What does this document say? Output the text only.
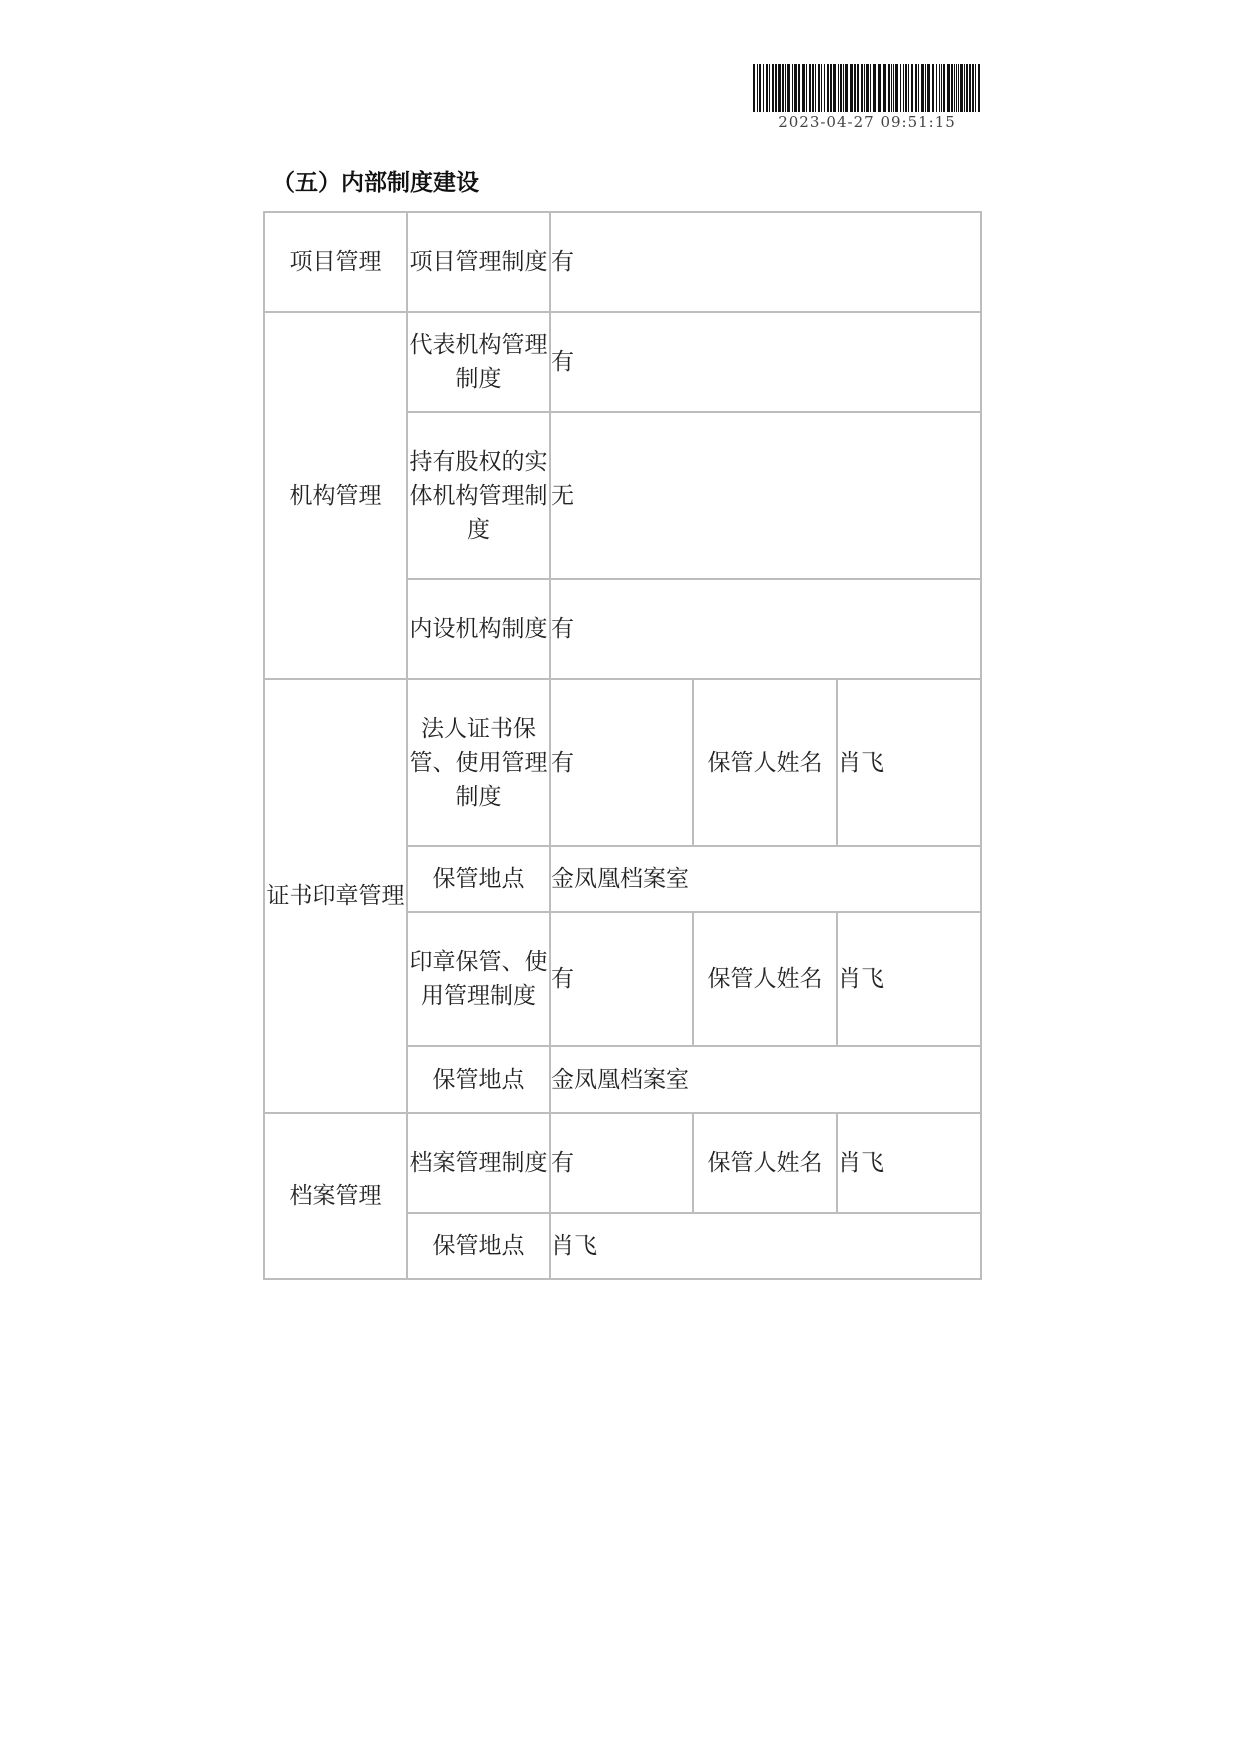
2023-04-27 09:51:15
（五）内部制度建设
项目管理	项目管理制度	有		
机构管理	代表机构管理制度	有		
	持有股权的实体机构管理制度	无		
	内设机构制度	有		
证书印章管理	法人证书保管、使用管理制度	有	保管人姓名	肖飞
	保管地点	金凤凰档案室		
	印章保管、使用管理制度	有	保管人姓名	肖飞
	保管地点	金凤凰档案室		
档案管理	档案管理制度	有	保管人姓名	肖飞
	保管地点	肖飞		
